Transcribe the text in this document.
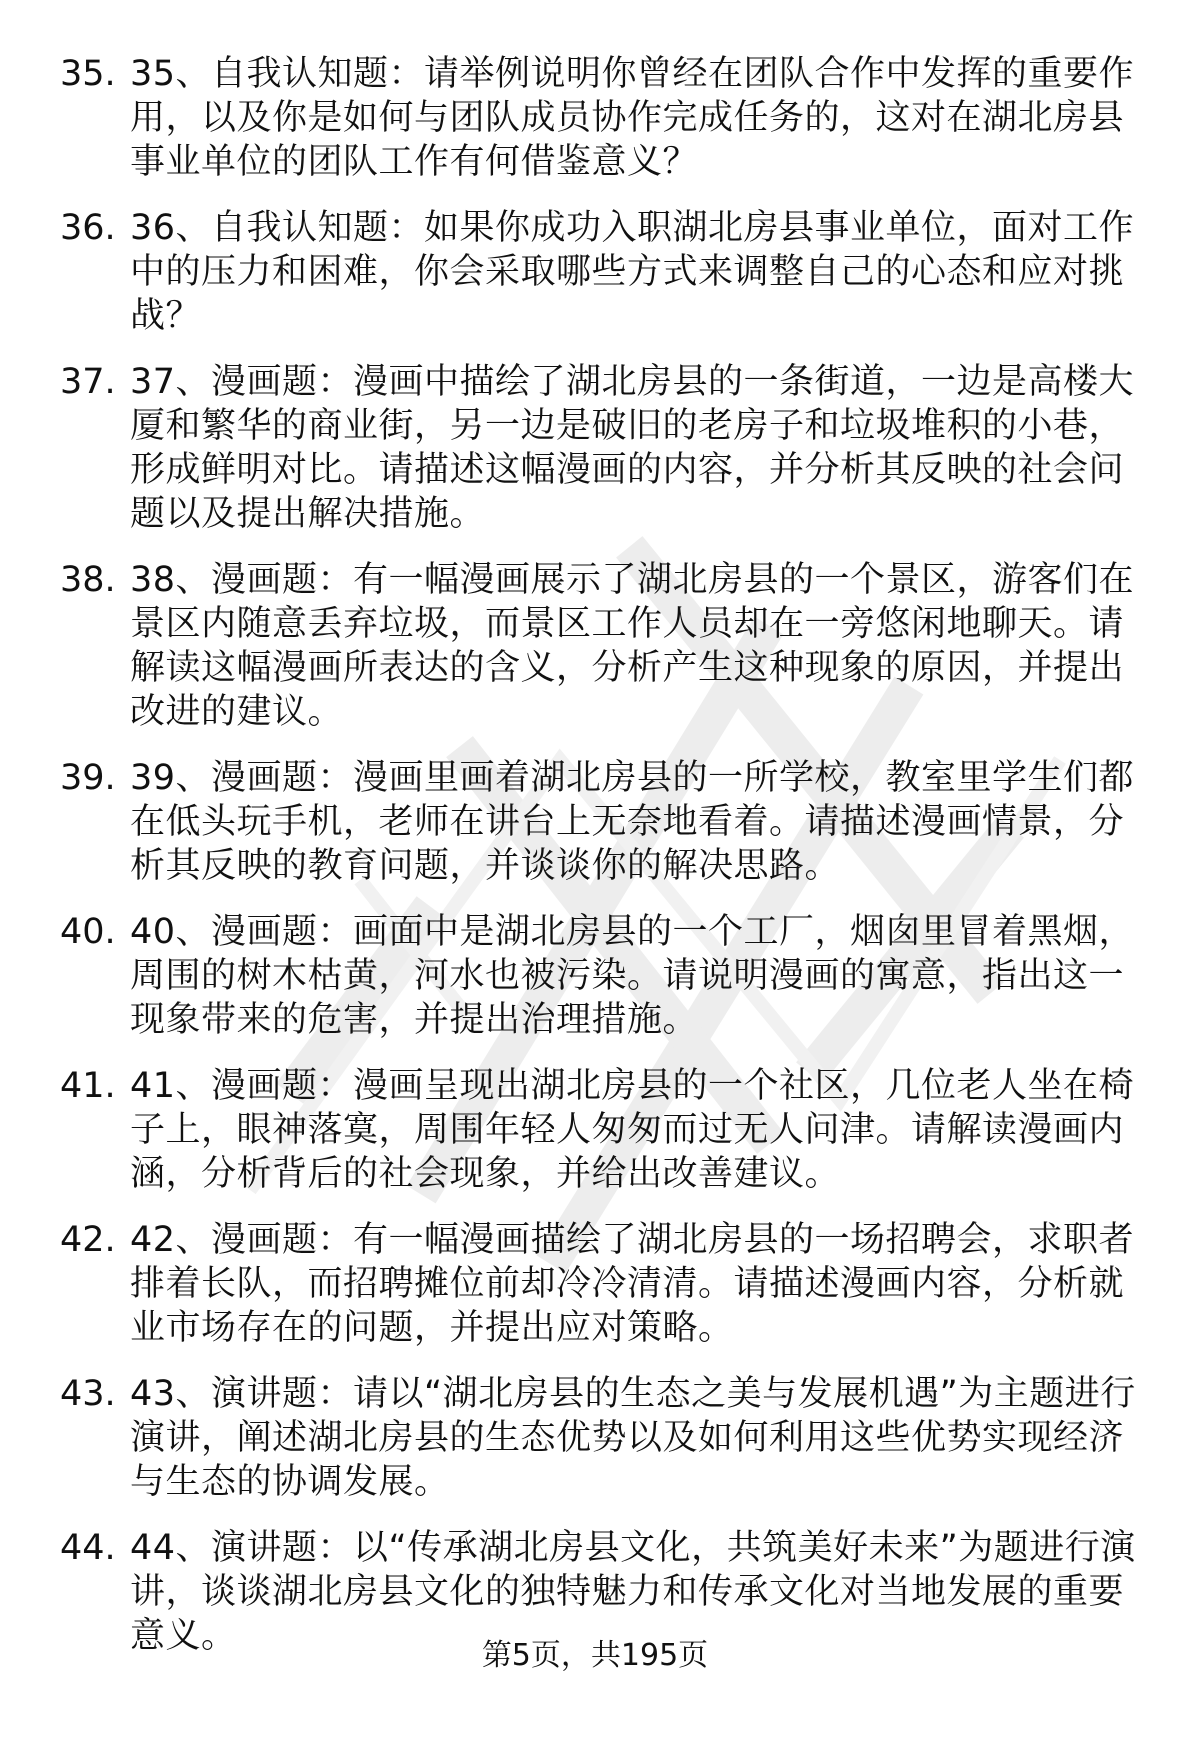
35. 35、自我认知题：请举例说明你曾经在团队合作中发挥的重要作用，以及你是如何与团队成员协作完成任务的，这对在湖北房县事业单位的团队工作有何借鉴意义？
36. 36、自我认知题：如果你成功入职湖北房县事业单位，面对工作中的压力和困难，你会采取哪些方式来调整自己的心态和应对挑战？
37. 37、漫画题：漫画中描绘了湖北房县的一条街道，一边是高楼大厦和繁华的商业街，另一边是破旧的老房子和垃圾堆积的小巷，形成鲜明对比。请描述这幅漫画的内容，并分析其反映的社会问题以及提出解决措施。
38. 38、漫画题：有一幅漫画展示了湖北房县的一个景区，游客们在景区内随意丢弃垃圾，而景区工作人员却在一旁悠闲地聊天。请解读这幅漫画所表达的含义，分析产生这种现象的原因，并提出改进的建议。
39. 39、漫画题：漫画里画着湖北房县的一所学校，教室里学生们都在低头玩手机，老师在讲台上无奈地看着。请描述漫画情景，分析其反映的教育问题，并谈谈你的解决思路。
40. 40、漫画题：画面中是湖北房县的一个工厂，烟囱里冒着黑烟，周围的树木枯黄，河水也被污染。请说明漫画的寓意，指出这一现象带来的危害，并提出治理措施。
41. 41、漫画题：漫画呈现出湖北房县的一个社区，几位老人坐在椅子上，眼神落寞，周围年轻人匆匆而过无人问津。请解读漫画内涵，分析背后的社会现象，并给出改善建议。
42. 42、漫画题：有一幅漫画描绘了湖北房县的一场招聘会，求职者排着长队，而招聘摊位前却冷冷清清。请描述漫画内容，分析就业市场存在的问题，并提出应对策略。
43. 43、演讲题：请以“湖北房县的生态之美与发展机遇”为主题进行演讲，阐述湖北房县的生态优势以及如何利用这些优势实现经济与生态的协调发展。
44. 44、演讲题：以“传承湖北房县文化，共筑美好未来”为题进行演讲，谈谈湖北房县文化的独特魅力和传承文化对当地发展的重要意义。	第5页，共195页
